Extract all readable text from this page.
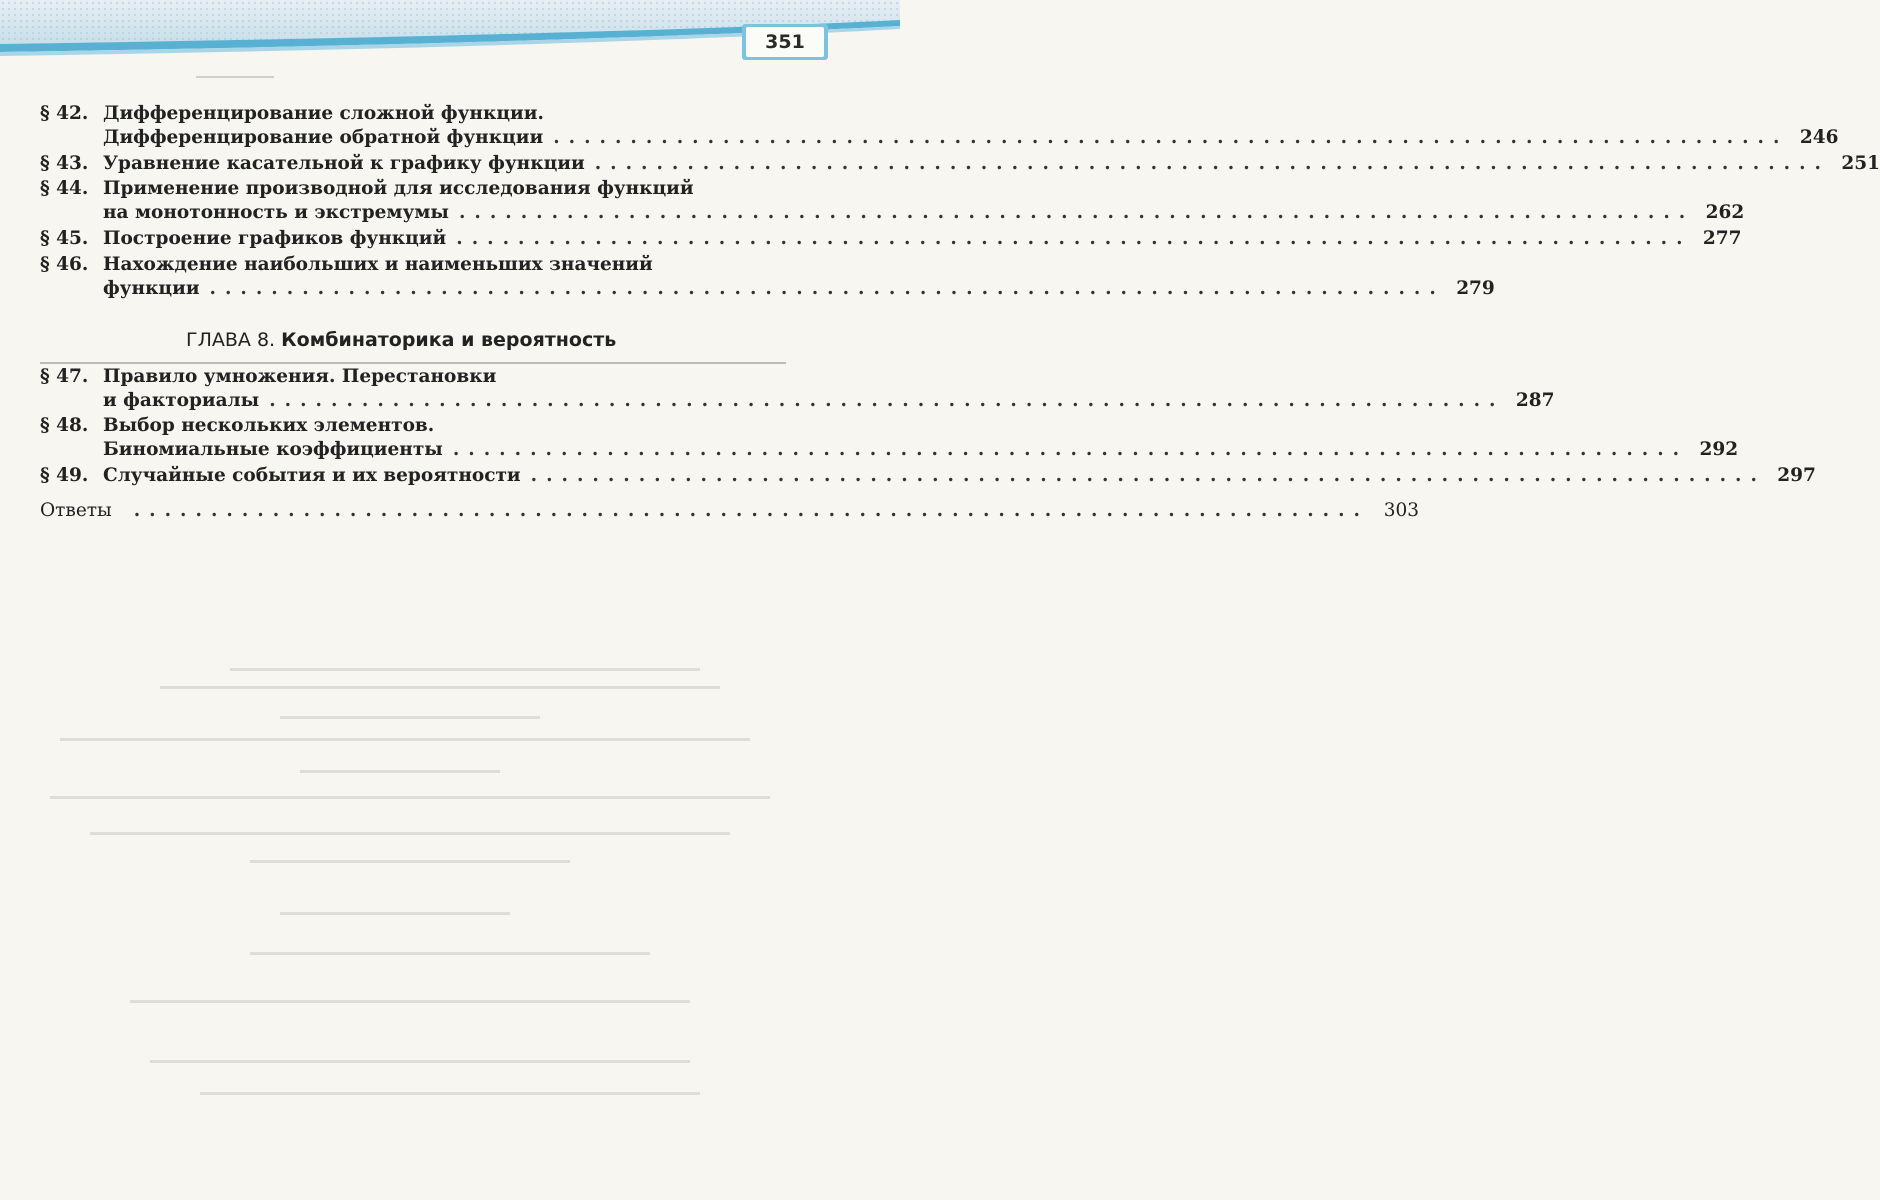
351
§ 42. Дифференцирование сложной функции.
Дифференцирование обратной функции ................................................................................ 246
§ 43. Уравнение касательной к графику функции ................................................................................ 251
§ 44. Применение производной для исследования функций
на монотонность и экстремумы ................................................................................ 262
§ 45. Построение графиков функций ................................................................................ 277
§ 46. Нахождение наибольших и наименьших значений
функции ................................................................................ 279
§ 47. Правило умножения. Перестановки
и факториалы ................................................................................ 287
§ 48. Выбор нескольких элементов.
Биномиальные коэффициенты ................................................................................ 292
§ 49. Случайные события и их вероятности ................................................................................ 297
Ответы ................................................................................ 303
ГЛАВА 8. Комбинаторика и вероятность
